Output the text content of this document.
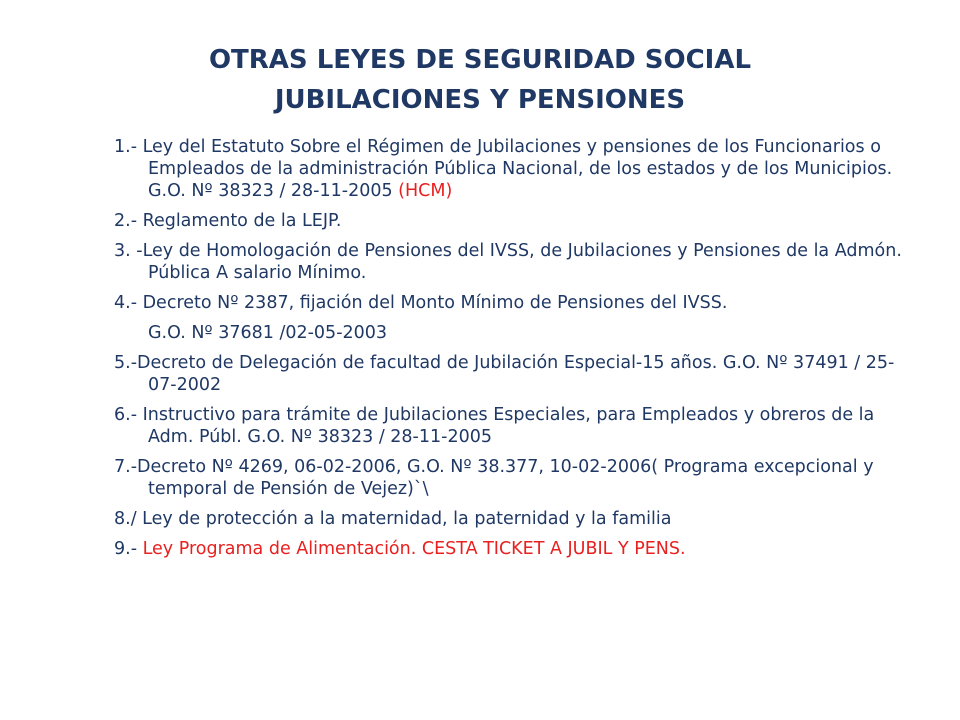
OTRAS LEYES DE SEGURIDAD SOCIAL
JUBILACIONES Y PENSIONES
1.- Ley del Estatuto Sobre el Régimen de Jubilaciones y pensiones de los Funcionarios o Empleados de la administración Pública Nacional, de los estados y de los Municipios. G.O. Nº 38323 / 28-11-2005 (HCM)
2.- Reglamento de la LEJP.
3. -Ley de Homologación de Pensiones del IVSS, de Jubilaciones y Pensiones de la Admón. Pública A salario Mínimo.
4.- Decreto Nº 2387, fijación del Monto Mínimo de Pensiones del IVSS.
G.O. Nº 37681 /02-05-2003
5.-Decreto de Delegación de facultad de Jubilación Especial-15 años. G.O. Nº 37491 / 25-07-2002
6.- Instructivo para trámite de Jubilaciones Especiales, para Empleados y obreros de la Adm. Públ. G.O. Nº 38323 / 28-11-2005
7.-Decreto Nº 4269, 06-02-2006, G.O. Nº 38.377, 10-02-2006( Programa excepcional y temporal de Pensión de Vejez)`\
8./ Ley de protección a la maternidad, la paternidad y la familia
9.- Ley Programa de Alimentación. CESTA TICKET A JUBIL Y PENS.
